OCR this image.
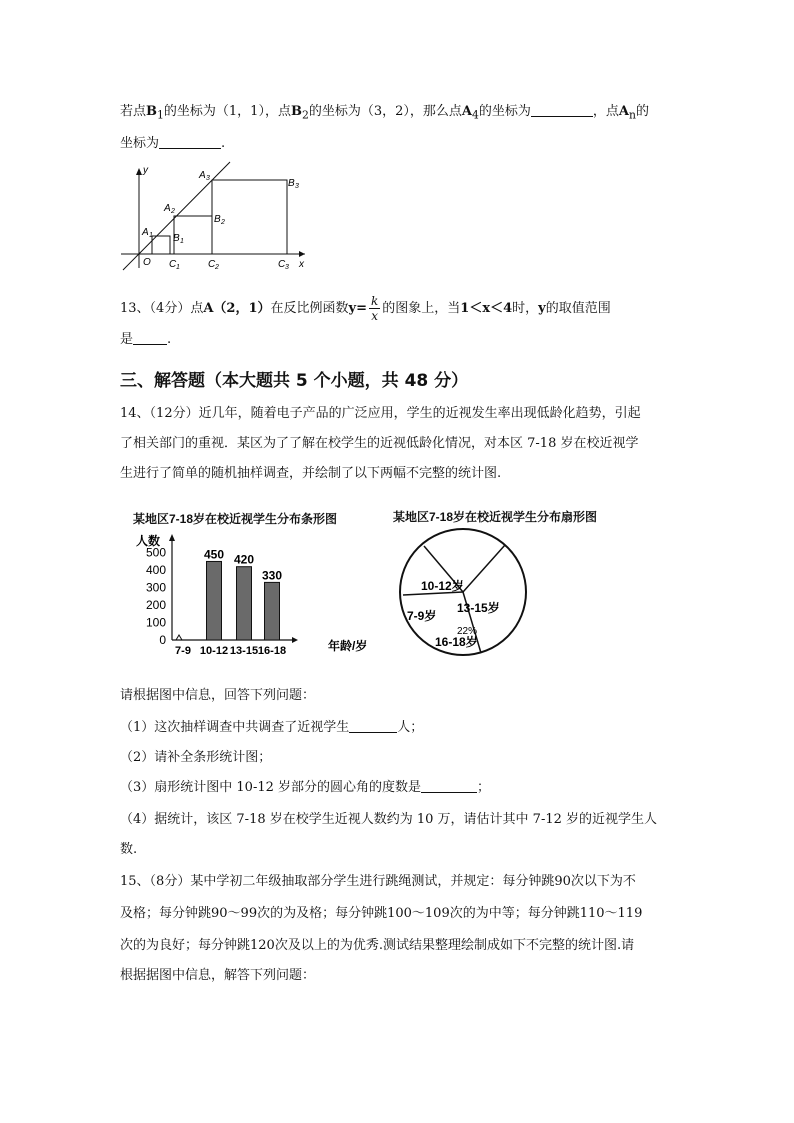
若点$B_1$的坐标为（1，1），点$B_2$的坐标为（3，2），那么点$A_4$的坐标为	，点$A_n$的
坐标为	.
y
x
O
A 1
A 2
A 3
B 1
B 2
B 3
C 1	C 2	C 3
13、（4分）点A（2，1）在反比例函数$y= \frac{k}{x}$ 的图象上，当1＜x＜4时，y的取值范围
是	.
三、解答题（本大题共 5 个小题，共 48 分）
14、（12分）近几年，随着电子产品的广泛应用，学生的近视发生率出现低龄化趋势，引起
了相关部门的重视．某区为了了解在校学生的近视低龄化情况，对本区 7-18 岁在校近视学
生进行了简单的随机抽样调查，并绘制了以下两幅不完整的统计图.
某地区7-18岁在校近视学生分布条形图	某地区7-18岁在校近视学生分布扇形图
人数
年龄/岁
0
100
200
300
400
500	450 420
330
7-9 10-12 13-15 16-18
10-12岁
13-15岁
7-9岁
22%
16-18岁
请根据图中信息，回答下列问题：
（1）这次抽样调查中共调查了近视学生	人；
（2）请补全条形统计图；
（3）扇形统计图中 10-12 岁部分的圆心角的度数是	；
（4）据统计，该区 7-18 岁在校学生近视人数约为 10 万，请估计其中 7-12 岁的近视学生人
数.
15、（8分）某中学初二年级抽取部分学生进行跳绳测试，并规定：每分钟跳90次以下为不
及格；每分钟跳90～99次的为及格；每分钟跳100～109次的为中等；每分钟跳110～119
次的为良好；每分钟跳120次及以上的为优秀.测试结果整理绘制成如下不完整的统计图.请
根据据图中信息，解答下列问题：
